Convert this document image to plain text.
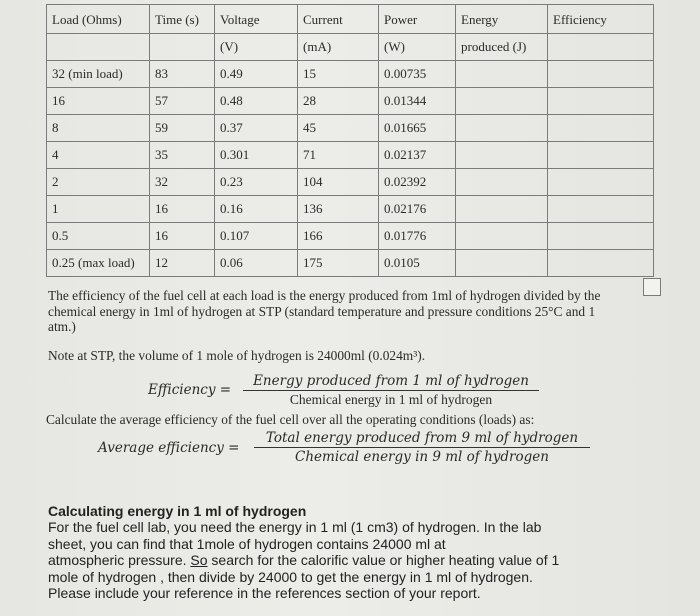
Load (Ohms)	Time (s)	Voltage	Current	Power	Energy	Efficiency
		(V)	(mA)	(W)	produced (J)	
32 (min load)	83	0.49	15	0.00735		
16	57	0.48	28	0.01344		
8	59	0.37	45	0.01665		
4	35	0.301	71	0.02137		
2	32	0.23	104	0.02392		
1	16	0.16	136	0.02176		
0.5	16	0.107	166	0.01776		
0.25 (max load)	12	0.06	175	0.0105		
The efficiency of the fuel cell at each load is the energy produced from 1ml of hydrogen divided by the chemical energy in 1ml of hydrogen at STP (standard temperature and pressure conditions 25°C and 1 atm.)
Note at STP, the volume of 1 mole of hydrogen is 24000ml (0.024m³).
Efficiency =
Energy produced from 1 ml of hydrogen
Chemical energy in 1 ml of hydrogen
Calculate the average efficiency of the fuel cell over all the operating conditions (loads) as:
Average efficiency =
Total energy produced from 9 ml of hydrogen
Chemical energy in 9 ml of hydrogen
Calculating energy in 1 ml of hydrogen
For the fuel cell lab, you need the energy in 1 ml (1 cm3) of hydrogen. In the lab
sheet, you can find that 1mole of hydrogen contains 24000 ml at
atmospheric pressure. So search for the calorific value or higher heating value of 1
mole of hydrogen , then divide by 24000 to get the energy in 1 ml of hydrogen.
Please include your reference in the references section of your report.
